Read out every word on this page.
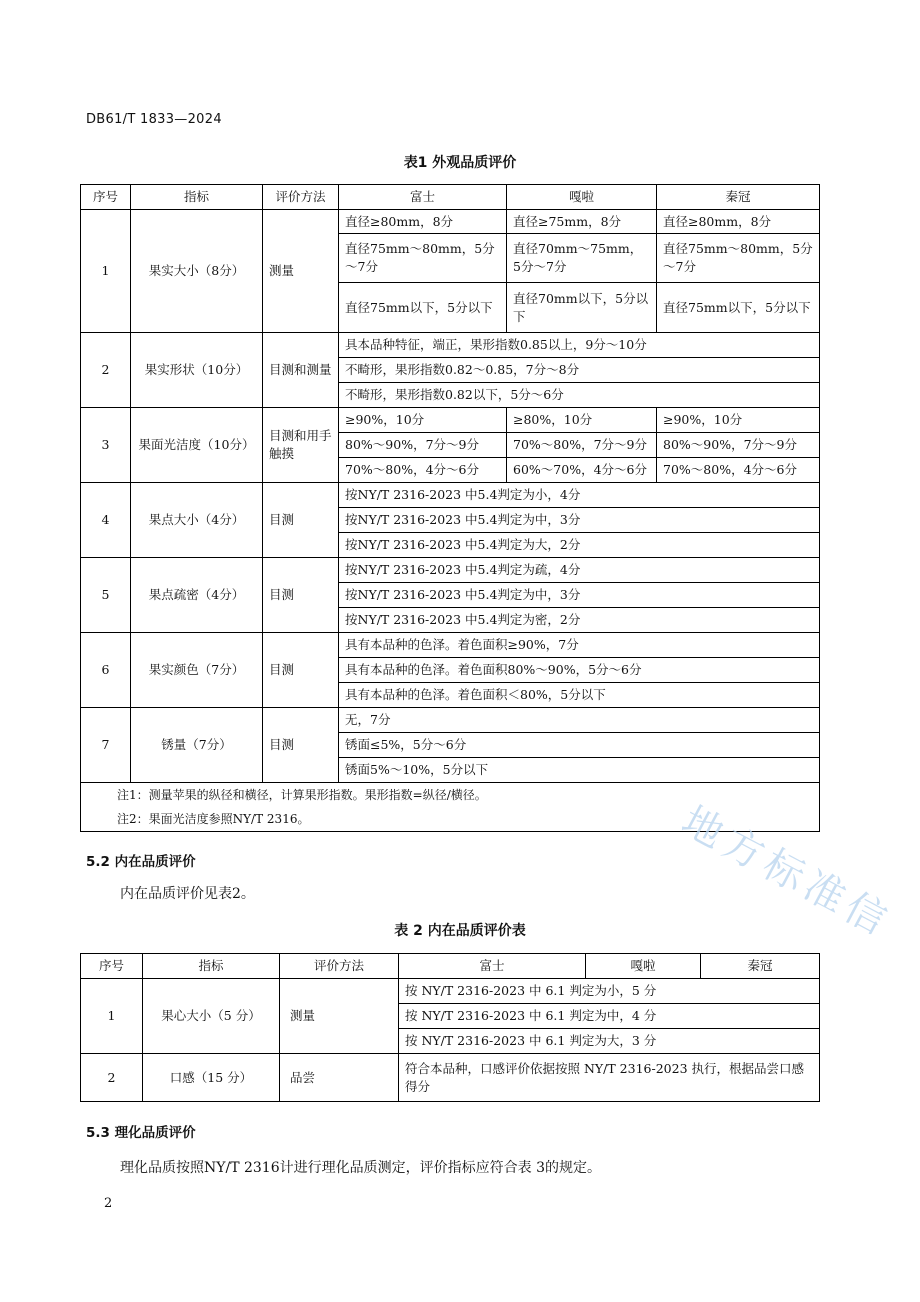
DB61/T 1833—2024
表1 外观品质评价
序号	指标	评价方法	富士	嘎啦	秦冠
1	果实大小（8分）	测量	直径≥80mm，8分	直径≥75mm，8分	直径≥80mm，8分
			直径75mm～80mm，5分～7分	直径70mm～75mm，5分～7分	直径75mm～80mm，5分～7分
			直径75mm以下，5分以下	直径70mm以下，5分以下	直径75mm以下，5分以下
2	果实形状（10分）	目测和测量	具本品种特征，端正，果形指数0.85以上，9分～10分		
			不畸形，果形指数0.82～0.85，7分～8分		
			不畸形，果形指数0.82以下，5分～6分		
3	果面光洁度（10分）	目测和用手触摸	≥90%，10分	≥80%，10分	≥90%，10分
			80%～90%，7分～9分	70%～80%，7分～9分	80%～90%，7分～9分
			70%～80%，4分～6分	60%～70%，4分～6分	70%～80%，4分～6分
4	果点大小（4分）	目测	按NY/T 2316-2023 中5.4判定为小，4分		
			按NY/T 2316-2023 中5.4判定为中，3分		
			按NY/T 2316-2023 中5.4判定为大，2分		
5	果点疏密（4分）	目测	按NY/T 2316-2023 中5.4判定为疏，4分		
			按NY/T 2316-2023 中5.4判定为中，3分		
			按NY/T 2316-2023 中5.4判定为密，2分		
6	果实颜色（7分）	目测	具有本品种的色泽。着色面积≥90%，7分		
			具有本品种的色泽。着色面积80%～90%，5分～6分		
			具有本品种的色泽。着色面积＜80%，5分以下		
7	锈量（7分）	目测	无，7分		
			锈面≤5%，5分～6分		
			锈面5%～10%，5分以下		
注1：测量苹果的纵径和横径，计算果形指数。果形指数=纵径/横径。					
注2：果面光洁度参照NY/T 2316。					
5.2 内在品质评价
内在品质评价见表2。
表 2 内在品质评价表
序号	指标	评价方法	富士	嘎啦	秦冠
1	果心大小（5 分）	测量	按 NY/T 2316-2023 中 6.1 判定为小，5 分		
			按 NY/T 2316-2023 中 6.1 判定为中，4 分		
			按 NY/T 2316-2023 中 6.1 判定为大，3 分		
2	口感（15 分）	品尝	符合本品种，口感评价依据按照 NY/T 2316-2023 执行，根据品尝口感得分		
5.3 理化品质评价
理化品质按照NY/T 2316计进行理化品质测定，评价指标应符合表 3的规定。
2
地方标准信
